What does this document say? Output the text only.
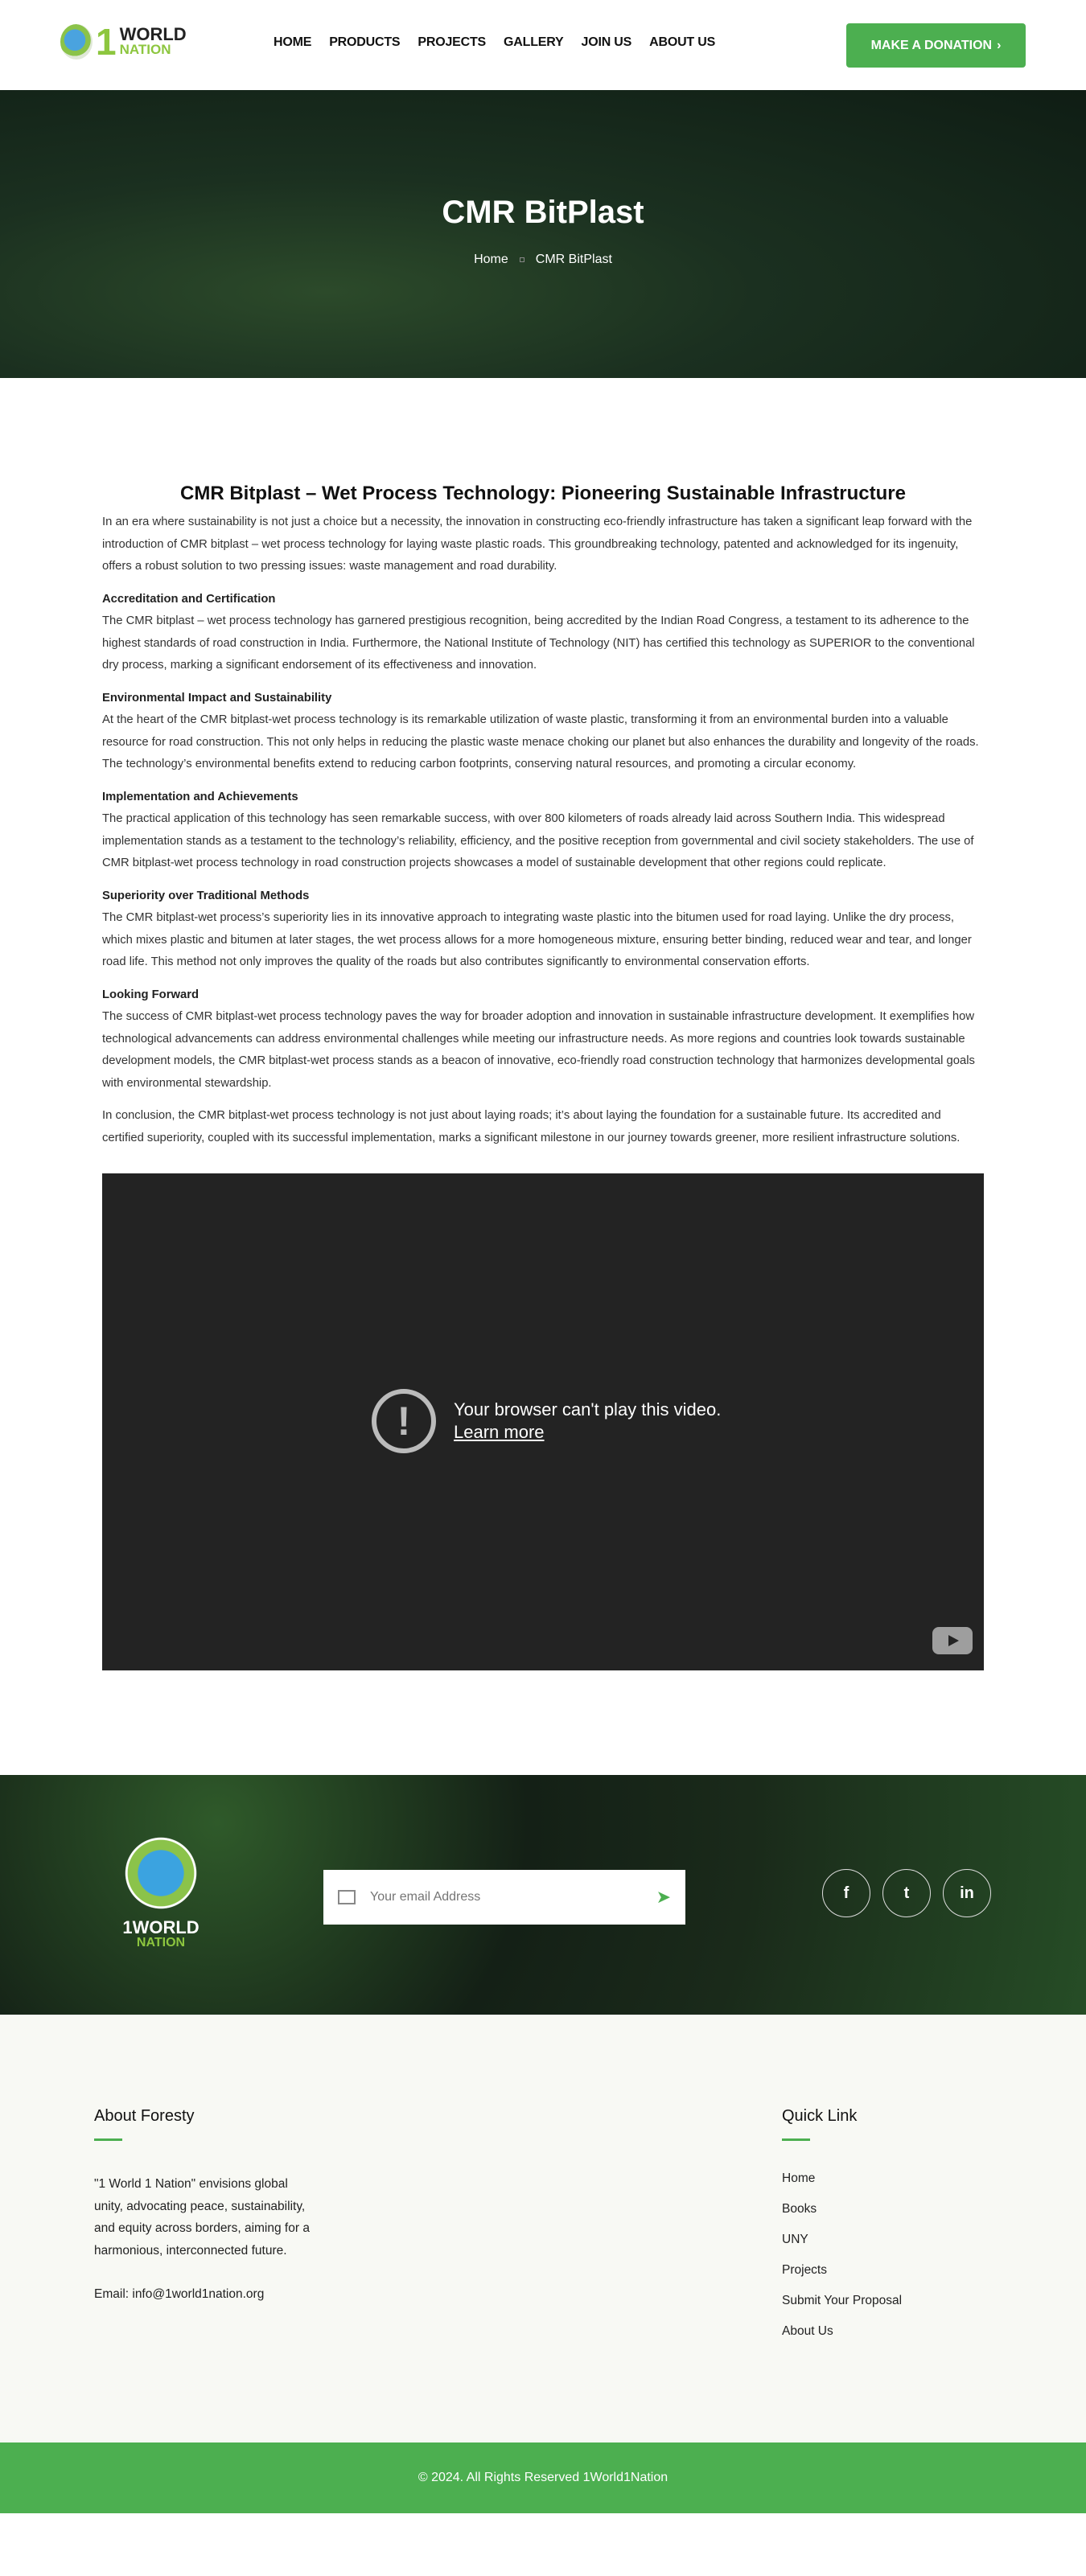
1 WORLD
NATION	HOME PRODUCTS PROJECTS GALLERY JOIN US ABOUT US	MAKE A DONATION ›
CMR BitPlast
Home CMR BitPlast
CMR Bitplast – Wet Process Technology: Pioneering Sustainable Infrastructure

In an era where sustainability is not just a choice but a necessity, the innovation in constructing eco-friendly infrastructure has taken a significant leap forward with the introduction of CMR bitplast – wet process technology for laying waste plastic roads. This groundbreaking technology, patented and acknowledged for its ingenuity, offers a robust solution to two pressing issues: waste management and road durability.

Accreditation and Certification

The CMR bitplast – wet process technology has garnered prestigious recognition, being accredited by the Indian Road Congress, a testament to its adherence to the highest standards of road construction in India. Furthermore, the National Institute of Technology (NIT) has certified this technology as SUPERIOR to the conventional dry process, marking a significant endorsement of its effectiveness and innovation.

Environmental Impact and Sustainability

At the heart of the CMR bitplast-wet process technology is its remarkable utilization of waste plastic, transforming it from an environmental burden into a valuable resource for road construction. This not only helps in reducing the plastic waste menace choking our planet but also enhances the durability and longevity of the roads. The technology’s environmental benefits extend to reducing carbon footprints, conserving natural resources, and promoting a circular economy.

Implementation and Achievements

The practical application of this technology has seen remarkable success, with over 800 kilometers of roads already laid across Southern India. This widespread implementation stands as a testament to the technology’s reliability, efficiency, and the positive reception from governmental and civil society stakeholders. The use of CMR bitplast-wet process technology in road construction projects showcases a model of sustainable development that other regions could replicate.

Superiority over Traditional Methods

The CMR bitplast-wet process’s superiority lies in its innovative approach to integrating waste plastic into the bitumen used for road laying. Unlike the dry process, which mixes plastic and bitumen at later stages, the wet process allows for a more homogeneous mixture, ensuring better binding, reduced wear and tear, and longer road life. This method not only improves the quality of the roads but also contributes significantly to environmental conservation efforts.

Looking Forward

The success of CMR bitplast-wet process technology paves the way for broader adoption and innovation in sustainable infrastructure development. It exemplifies how technological advancements can address environmental challenges while meeting our infrastructure needs. As more regions and countries look towards sustainable development models, the CMR bitplast-wet process stands as a beacon of innovative, eco-friendly road construction technology that harmonizes developmental goals with environmental stewardship.

In conclusion, the CMR bitplast-wet process technology is not just about laying roads; it’s about laying the foundation for a sustainable future. Its accredited and certified superiority, coupled with its successful implementation, marks a significant milestone in our journey towards greener, more resilient infrastructure solutions.

!	Your browser can't play this video.
Learn more
1WORLD
NATION
Your email Address
➤	f	t	in
About Foresty

"1 World 1 Nation" envisions global unity, advocating peace, sustainability, and equity across borders, aiming for a harmonious, interconnected future.

Email: info@1world1nation.org

Quick Link
Home
Books
UNY
Projects
Submit Your Proposal
About Us
© 2024. All Rights Reserved 1World1Nation
